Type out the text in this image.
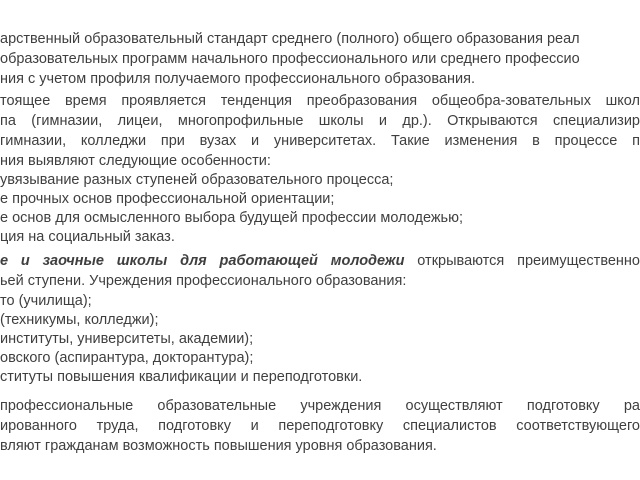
арственный образовательный стандарт среднего (полного) общего образования реал
образовательных программ начального профессионального или среднего профессио
ния с учетом профиля получаемого профессионального образования.
тоящее время проявляется тенденция преобразования общеобра-зовательных школ
па (гимназии, лицеи, многопрофильные школы и др.). Открываются специализир
гимназии, колледжи при вузах и университетах. Такие изменения в процессе п
ния выявляют следующие особенности:
увязывание разных ступеней образовательного процесса;
е прочных основ профессиональной ориентации;
е основ для осмысленного выбора будущей профессии молодежью;
ция на социальный заказ.
е и заочные школы для работающей молодежи открываются преимущественно
ьей ступени. Учреждения профессионального образования:
то (училища);
(техникумы, колледжи);
институты, университеты, академии);
овского (аспирантура, докторантура);
ституты повышения квалификации и переподготовки.
профессиональные образовательные учреждения осуществляют подготовку ра
ированного труда, подготовку и переподготовку специалистов соответствующего
вляют гражданам возможность повышения уровня образования.
